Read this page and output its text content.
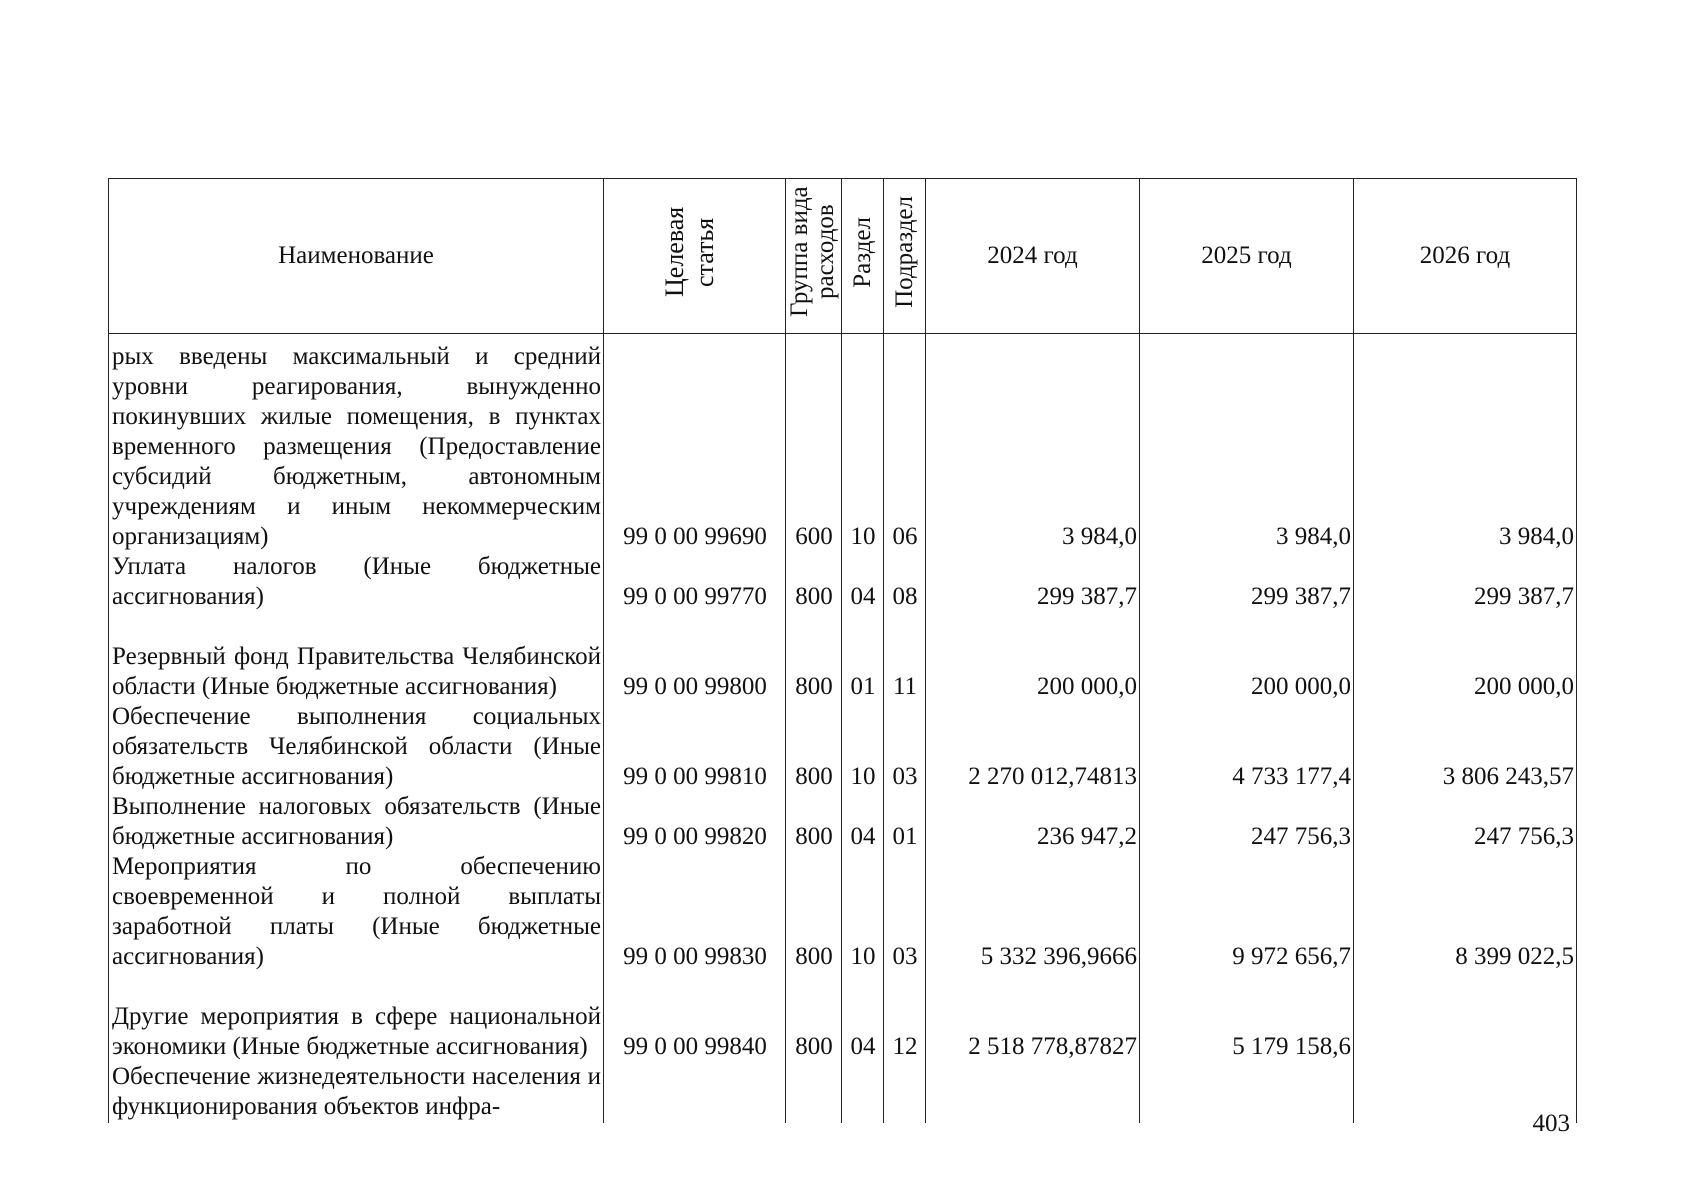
Наименование	Целевая статья	Группа вида расходов	Раздел	Подраздел	2024 год	2025 год	2026 год
рых введены максимальный и средний уровни реагирования, вынужденно покинувших жилые помещения, в пунктах временного размещения (Предоставление субсидий бюджетным, автономным учреждениям и иным некоммерческим организациям)	99 0 00 99690	600	10	06	3 984,0	3 984,0	3 984,0
Уплата налогов (Иные бюджетные ассигнования)	99 0 00 99770	800	04	08	299 387,7	299 387,7	299 387,7
Резервный фонд Правительства Челябинской области (Иные бюджетные ассигнования)	99 0 00 99800	800	01	11	200 000,0	200 000,0	200 000,0
Обеспечение выполнения социальных обязательств Челябинской области (Иные бюджетные ассигнования)	99 0 00 99810	800	10	03	2 270 012,74813	4 733 177,4	3 806 243,57
Выполнение налоговых обязательств (Иные бюджетные ассигнования)	99 0 00 99820	800	04	01	236 947,2	247 756,3	247 756,3
Мероприятия по обеспечению своевременной и полной выплаты заработной платы (Иные бюджетные ассигнования)	99 0 00 99830	800	10	03	5 332 396,9666	9 972 656,7	8 399 022,5
Другие мероприятия в сфере национальной экономики (Иные бюджетные ассигнования)	99 0 00 99840	800	04	12	2 518 778,87827	5 179 158,6	
Обеспечение жизнедеятельности населения и функционирования объектов инфра-							
403
